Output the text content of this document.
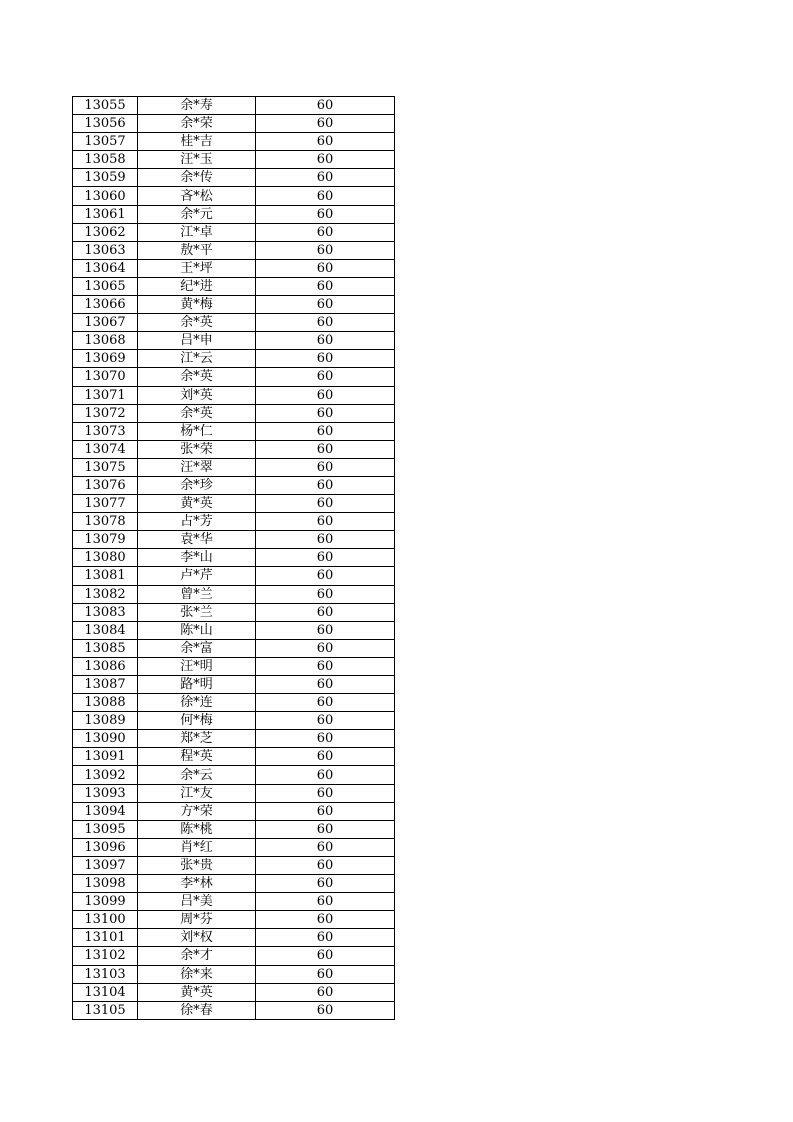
13055	余*寿	60
13056	余*荣	60
13057	桂*吉	60
13058	汪*玉	60
13059	余*传	60
13060	吝*松	60
13061	余*元	60
13062	江*卓	60
13063	敖*平	60
13064	王*坪	60
13065	纪*进	60
13066	黄*梅	60
13067	余*英	60
13068	吕*申	60
13069	江*云	60
13070	余*英	60
13071	刘*英	60
13072	余*英	60
13073	杨*仁	60
13074	张*荣	60
13075	汪*翠	60
13076	余*珍	60
13077	黄*英	60
13078	占*芳	60
13079	袁*华	60
13080	李*山	60
13081	卢*芹	60
13082	曾*兰	60
13083	张*兰	60
13084	陈*山	60
13085	余*富	60
13086	汪*明	60
13087	路*明	60
13088	徐*连	60
13089	何*梅	60
13090	郑*芝	60
13091	程*英	60
13092	余*云	60
13093	江*友	60
13094	方*荣	60
13095	陈*桃	60
13096	肖*红	60
13097	张*贵	60
13098	李*林	60
13099	吕*美	60
13100	周*芬	60
13101	刘*权	60
13102	余*才	60
13103	徐*来	60
13104	黄*英	60
13105	徐*春	60
